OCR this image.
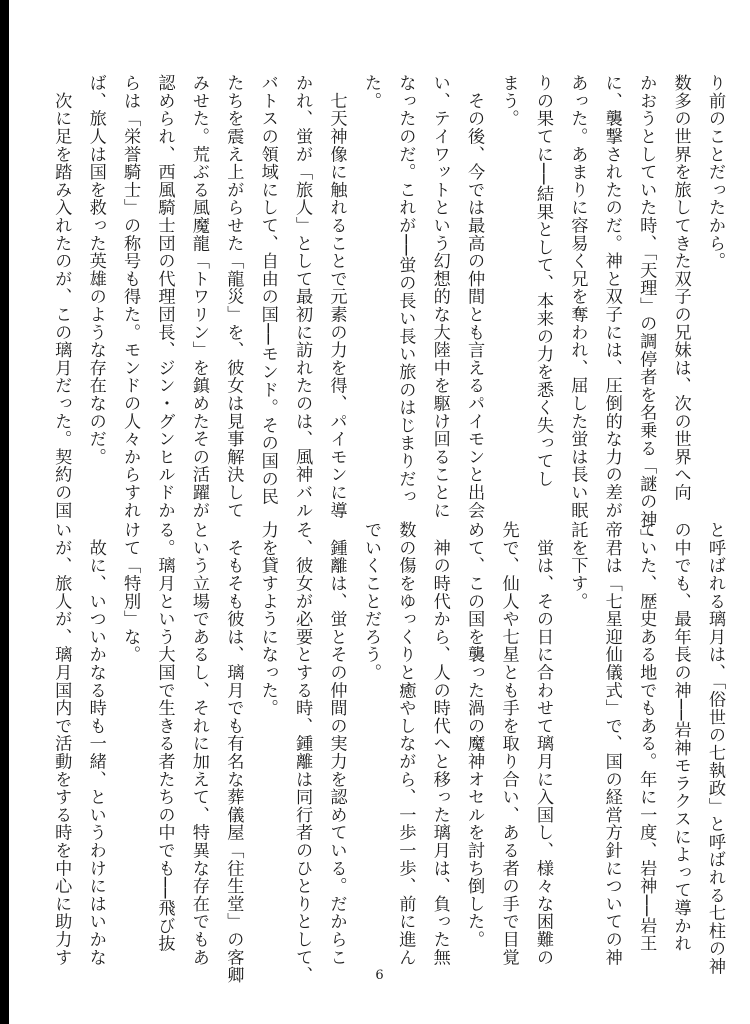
り前のことだったから。

数多の世界を旅してきた双子の兄妹は、次の世界へ向

かおうとしていた時、「天理」の調停者を名乗る「謎の神」

に、襲撃されたのだ。神と双子には、圧倒的な力の差が

あった。あまりに容易く兄を奪われ、屈した蛍は長い眠

りの果てに──結果として、本来の力を悉く失ってし

まう。

　その後、今では最高の仲間とも言えるパイモンと出会

い、テイワットという幻想的な大陸中を駆け回ることに

なったのだ。これが──蛍の長い長い旅のはじまりだっ

た。

　七天神像に触れることで元素の力を得、パイモンに導

かれ、蛍が「旅人」として最初に訪れたのは、風神バル

バトスの領域にして、自由の国──モンド。その国の民

たちを震え上がらせた「龍災」を、彼女は見事解決して

みせた。荒ぶる風魔龍「トワリン」を鎮めたその活躍が

認められ、西風騎士団の代理団長、ジン・グンヒルドか

らは「栄誉騎士」の称号も得た。モンドの人々からすれ

ば、旅人は国を救った英雄のような存在なのだ。

　次に足を踏み入れたのが、この璃月だった。契約の国

と呼ばれる璃月は、「俗世の七執政」と呼ばれる七柱の神

の中でも、最年長の神──岩神モラクスによって導かれ

ていた、歴史ある地でもある。年に一度、岩神──岩王

帝君は「七星迎仙儀式」で、国の経営方針についての神

託を下す。

　蛍は、その日に合わせて璃月に入国し、様々な困難の

先で、仙人や七星とも手を取り合い、ある者の手で目覚

めて、この国を襲った渦の魔神オセルを討ち倒した。

　神の時代から、人の時代へと移った璃月は、負った無

数の傷をゆっくりと癒やしながら、一歩一歩、前に進ん

でいくことだろう。

　鍾離は、蛍とその仲間の実力を認めている。だからこ

そ、彼女が必要とする時、鍾離は同行者のひとりとして、

力を貸すようになった。

　そもそも彼は、璃月でも有名な葬儀屋「往生堂」の客卿

という立場であるし、それに加えて、特異な存在でもあ

る。璃月という大国で生きる者たちの中でも──飛び抜

けて「特別」な。

　故に、いついかなる時も一緒、というわけにはいかな

いが、旅人が、璃月国内で活動をする時を中心に助力す

6
